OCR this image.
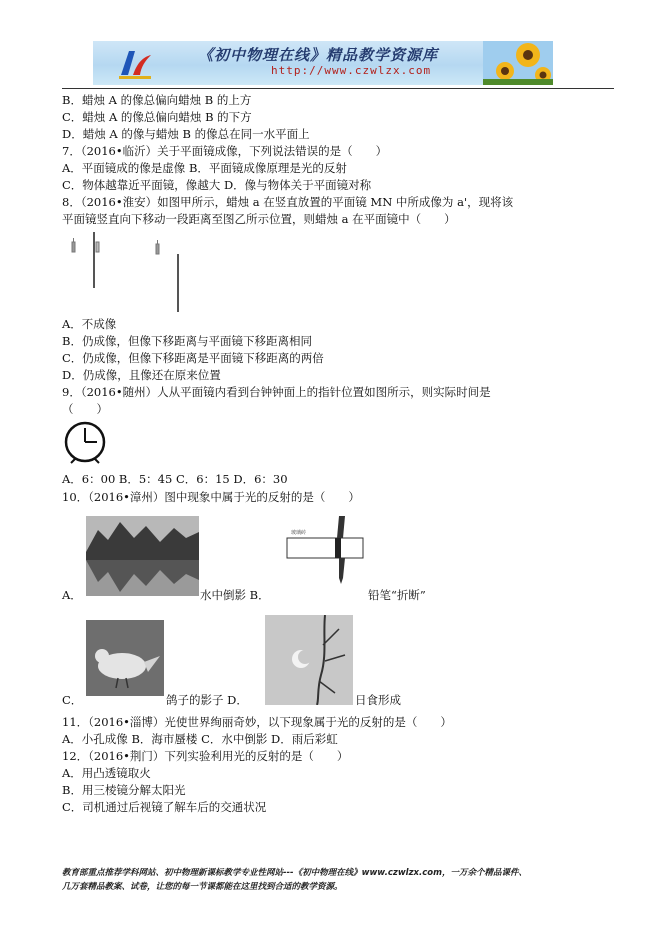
《初中物理在线》精品教学资源库
http://www.czwlzx.com
B．蜡烛 A 的像总偏向蜡烛 B 的上方
C．蜡烛 A 的像总偏向蜡烛 B 的下方
D．蜡烛 A 的像与蜡烛 B 的像总在同一水平面上
7．（2016•临沂）关于平面镜成像，下列说法错误的是（　　）
A．平面镜成的像是虚像 B．平面镜成像原理是光的反射
C．物体越靠近平面镜，像越大 D．像与物体关于平面镜对称
8．（2016•淮安）如图甲所示，蜡烛 a 在竖直放置的平面镜 MN 中所成像为 a'，现将该
平面镜竖直向下移动一段距离至图乙所示位置，则蜡烛 a 在平面镜中（　　）
A．不成像
B．仍成像，但像下移距离与平面镜下移距离相同
C．仍成像，但像下移距离是平面镜下移距离的两倍
D．仍成像，且像还在原来位置
9．（2016•随州）人从平面镜内看到台钟钟面上的指针位置如图所示，则实际时间是
（　　）
A．6：00 B．5：45 C．6：15 D．6：30
10．（2016•漳州）图中现象中属于光的反射的是（　　）
A．	水中倒影 B．
玻璃砖
铅笔“折断”
C．	鸽子的影子 D．	日食形成
11．（2016•淄博）光使世界绚丽奇妙，以下现象属于光的反射的是（　　）
A．小孔成像 B．海市蜃楼 C．水中倒影 D．雨后彩虹
12．（2016•荆门）下列实验利用光的反射的是（　　）
A．用凸透镜取火
B．用三棱镜分解太阳光
C．司机通过后视镜了解车后的交通状况
教育部重点推荐学科网站、初中物理新课标教学专业性网站---《初中物理在线》www.czwlzx.com，一万余个精品课件、
几万套精品教案、试卷，让您的每一节课都能在这里找到合适的教学资源。
